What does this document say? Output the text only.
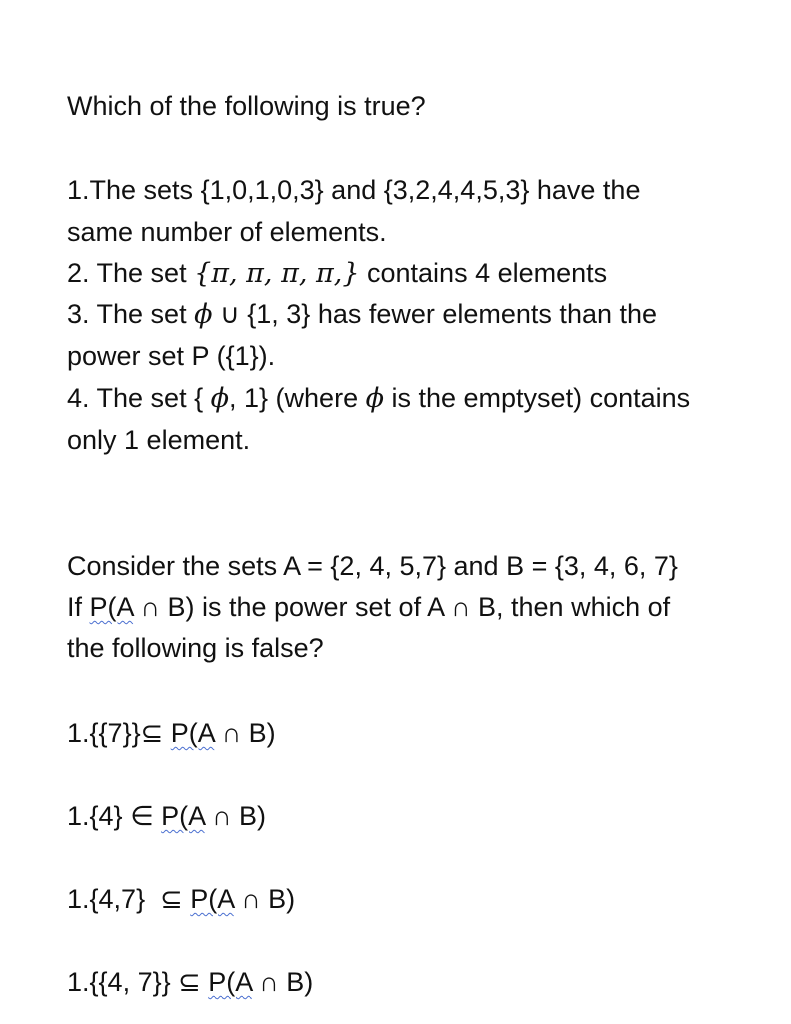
Which of the following is true?
1.The sets {1,0,1,0,3} and {3,2,4,4,5,3} have the
same number of elements.
2. The set {π, π, π, π,} contains 4 elements
3. The set ϕ ∪ {1, 3} has fewer elements than the
power set P ({1}).
4. The set { ϕ, 1} (where ϕ is the emptyset) contains
only 1 element.
Consider the sets A = {2, 4, 5,7} and B = {3, 4, 6, 7}
If P(A ∩ B) is the power set of A ∩ B, then which of
the following is false?
1.{{7}}⊆ P(A ∩ B)
1.{4} ∈ P(A ∩ B)
1.{4,7}  ⊆ P(A ∩ B)
1.{{4, 7}} ⊆ P(A ∩ B)
